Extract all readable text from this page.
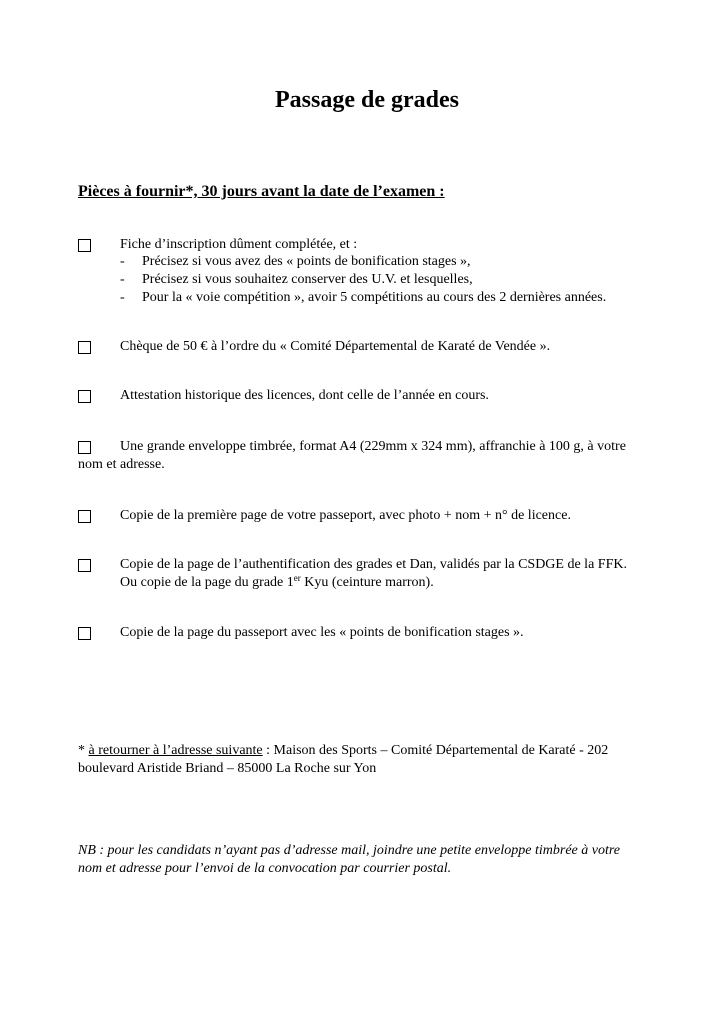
Passage de grades
Pièces à fournir*, 30 jours avant la date de l’examen :
Fiche d’inscription dûment complétée, et :
- Précisez si vous avez des « points de bonification stages »,
- Précisez si vous souhaitez conserver des U.V. et lesquelles,
- Pour la « voie compétition », avoir 5 compétitions au cours des 2 dernières années.
Chèque de 50 € à l’ordre du « Comité Départemental de Karaté de Vendée ».
Attestation historique des licences, dont celle de l’année en cours.
Une grande enveloppe timbrée, format A4 (229mm x 324 mm), affranchie à 100 g, à votre
nom et adresse.
Copie de la première page de votre passeport, avec photo + nom + n° de licence.
Copie de la page de l’authentification des grades et Dan, validés par la CSDGE de la FFK.
Ou copie de la page du grade 1er Kyu (ceinture marron).
Copie de la page du passeport avec les « points de bonification stages ».
* à retourner à l’adresse suivante : Maison des Sports – Comité Départemental de Karaté - 202
boulevard Aristide Briand – 85000 La Roche sur Yon
NB : pour les candidats n’ayant pas d’adresse mail, joindre une petite enveloppe timbrée à votre
nom et adresse pour l’envoi de la convocation par courrier postal.
